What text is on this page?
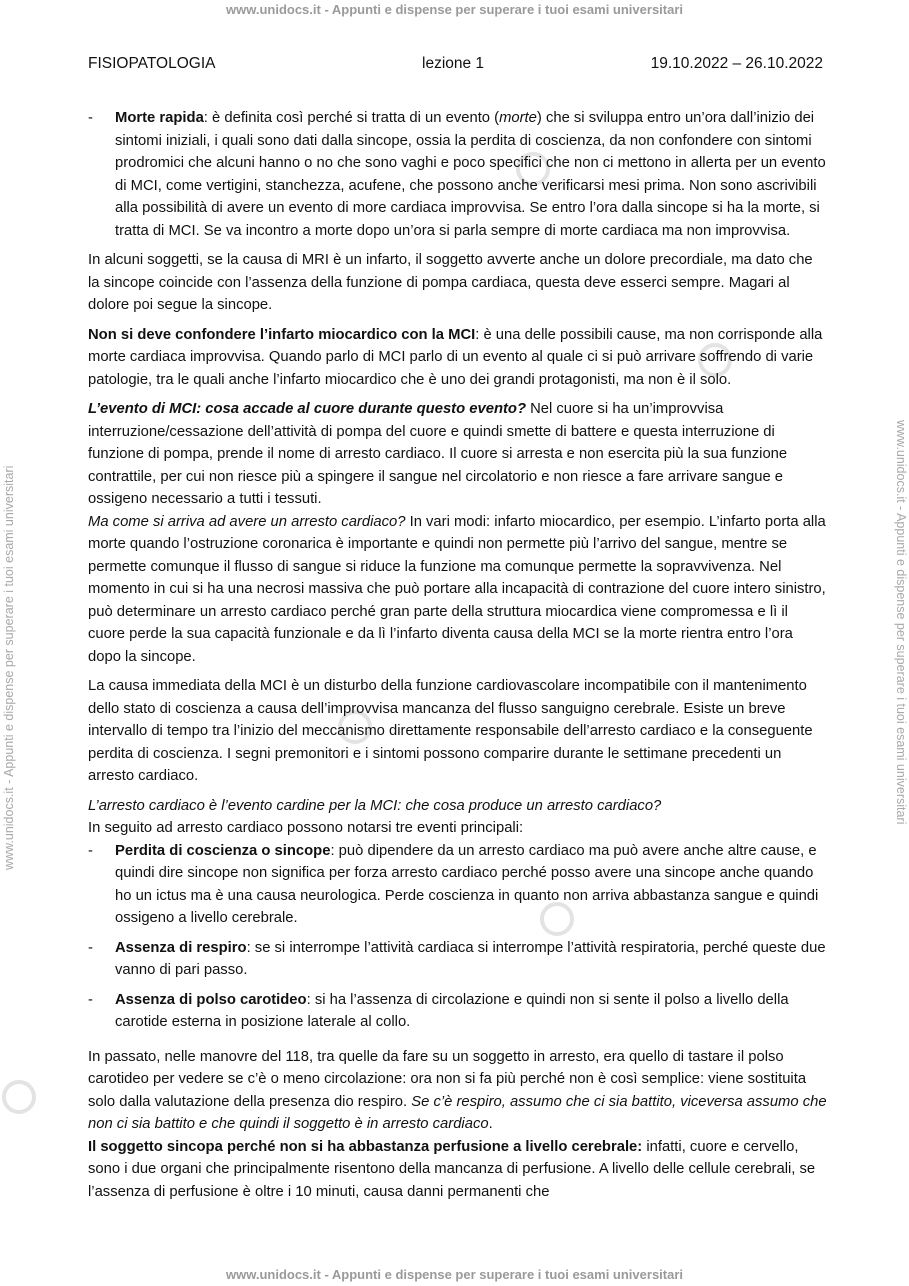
www.unidocs.it - Appunti e dispense per superare i tuoi esami universitari
www.unidocs.it - Appunti e dispense per superare i tuoi esami universitari
www.unidocs.it - Appunti e dispense per superare i tuoi esami universitari	www.unidocs.it - Appunti e dispense per superare i tuoi esami universitari
FISIOPATOLOGIA	lezione 1	19.10.2022 – 26.10.2022
- Morte rapida: è definita così perché si tratta di un evento (morte) che si sviluppa entro un’ora dall’inizio dei sintomi iniziali, i quali sono dati dalla sincope, ossia la perdita di coscienza, da non confondere con sintomi prodromici che alcuni hanno o no che sono vaghi e poco specifici che non ci mettono in allerta per un evento di MCI, come vertigini, stanchezza, acufene, che possono anche verificarsi mesi prima. Non sono ascrivibili alla possibilità di avere un evento di more cardiaca improvvisa. Se entro l’ora dalla sincope si ha la morte, si tratta di MCI. Se va incontro a morte dopo un’ora si parla sempre di morte cardiaca ma non improvvisa.

In alcuni soggetti, se la causa di MRI è un infarto, il soggetto avverte anche un dolore precordiale, ma dato che la sincope coincide con l’assenza della funzione di pompa cardiaca, questa deve esserci sempre. Magari al dolore poi segue la sincope.

Non si deve confondere l’infarto miocardico con la MCI: è una delle possibili cause, ma non corrisponde alla morte cardiaca improvvisa. Quando parlo di MCI parlo di un evento al quale ci si può arrivare soffrendo di varie patologie, tra le quali anche l’infarto miocardico che è uno dei grandi protagonisti, ma non è il solo.

L’evento di MCI: cosa accade al cuore durante questo evento? Nel cuore si ha un’improvvisa interruzione/cessazione dell’attività di pompa del cuore e quindi smette di battere e questa interruzione di funzione di pompa, prende il nome di arresto cardiaco. Il cuore si arresta e non esercita più la sua funzione contrattile, per cui non riesce più a spingere il sangue nel circolatorio e non riesce a fare arrivare sangue e ossigeno necessario a tutti i tessuti.

Ma come si arriva ad avere un arresto cardiaco? In vari modi: infarto miocardico, per esempio. L’infarto porta alla morte quando l’ostruzione coronarica è importante e quindi non permette più l’arrivo del sangue, mentre se permette comunque il flusso di sangue si riduce la funzione ma comunque permette la sopravvivenza. Nel momento in cui si ha una necrosi massiva che può portare alla incapacità di contrazione del cuore intero sinistro, può determinare un arresto cardiaco perché gran parte della struttura miocardica viene compromessa e lì il cuore perde la sua capacità funzionale e da lì l’infarto diventa causa della MCI se la morte rientra entro l’ora dopo la sincope.

La causa immediata della MCI è un disturbo della funzione cardiovascolare incompatibile con il mantenimento dello stato di coscienza a causa dell’improvvisa mancanza del flusso sanguigno cerebrale. Esiste un breve intervallo di tempo tra l’inizio del meccanismo direttamente responsabile dell’arresto cardiaco e la conseguente perdita di coscienza. I segni premonitori e i sintomi possono comparire durante le settimane precedenti un arresto cardiaco.

L’arresto cardiaco è l’evento cardine per la MCI: che cosa produce un arresto cardiaco?

In seguito ad arresto cardiaco possono notarsi tre eventi principali:

- Perdita di coscienza o sincope: può dipendere da un arresto cardiaco ma può avere anche altre cause, e quindi dire sincope non significa per forza arresto cardiaco perché posso avere una sincope anche quando ho un ictus ma è una causa neurologica. Perde coscienza in quanto non arriva abbastanza sangue e quindi ossigeno a livello cerebrale.
- Assenza di respiro: se si interrompe l’attività cardiaca si interrompe l’attività respiratoria, perché queste due vanno di pari passo.
- Assenza di polso carotideo: si ha l’assenza di circolazione e quindi non si sente il polso a livello della carotide esterna in posizione laterale al collo.

In passato, nelle manovre del 118, tra quelle da fare su un soggetto in arresto, era quello di tastare il polso carotideo per vedere se c’è o meno circolazione: ora non si fa più perché non è così semplice: viene sostituita solo dalla valutazione della presenza dio respiro. Se c’è respiro, assumo che ci sia battito, viceversa assumo che non ci sia battito e che quindi il soggetto è in arresto cardiaco.

Il soggetto sincopa perché non si ha abbastanza perfusione a livello cerebrale: infatti, cuore e cervello, sono i due organi che principalmente risentono della mancanza di perfusione. A livello delle cellule cerebrali, se l’assenza di perfusione è oltre i 10 minuti, causa danni permanenti che
